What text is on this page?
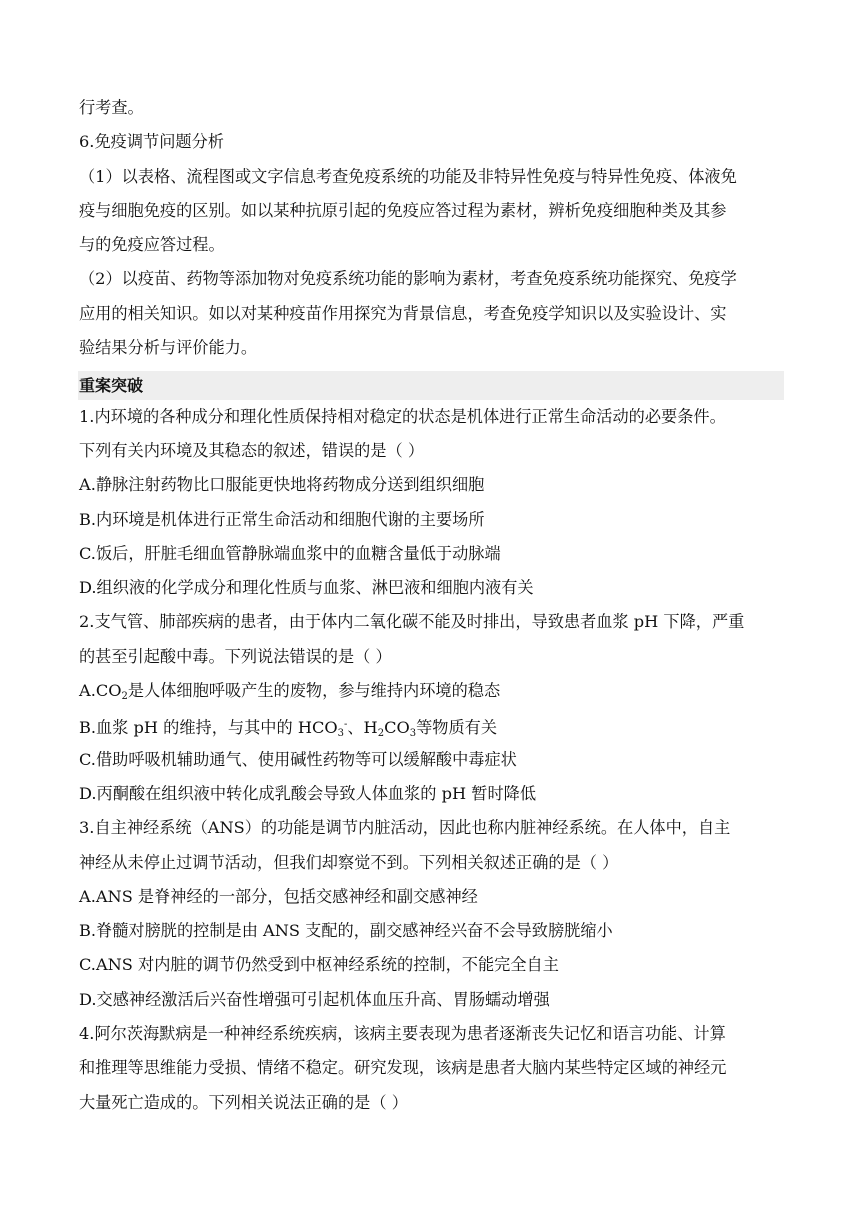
重案突破

行考查。

6.免疫调节问题分析

（1）以表格、流程图或文字信息考查免疫系统的功能及非特异性免疫与特异性免疫、体液免

疫与细胞免疫的区别。如以某种抗原引起的免疫应答过程为素材，辨析免疫细胞种类及其参

与的免疫应答过程。

（2）以疫苗、药物等添加物对免疫系统功能的影响为素材，考查免疫系统功能探究、免疫学

应用的相关知识。如以对某种疫苗作用探究为背景信息，考查免疫学知识以及实验设计、实

验结果分析与评价能力。

1.内环境的各种成分和理化性质保持相对稳定的状态是机体进行正常生命活动的必要条件。

下列有关内环境及其稳态的叙述，错误的是（ ）

A.静脉注射药物比口服能更快地将药物成分送到组织细胞

B.内环境是机体进行正常生命活动和细胞代谢的主要场所

C.饭后，肝脏毛细血管静脉端血浆中的血糖含量低于动脉端

D.组织液的化学成分和理化性质与血浆、淋巴液和细胞内液有关

2.支气管、肺部疾病的患者，由于体内二氧化碳不能及时排出，导致患者血浆 pH 下降，严重

的甚至引起酸中毒。下列说法错误的是（ ）

$A.CO_2$是人体细胞呼吸产生的废物，参与维持内环境的稳态

B.血浆 pH 的维持，与其中的 $HCO_3^-$、$H_2CO_3$等物质有关

C.借助呼吸机辅助通气、使用碱性药物等可以缓解酸中毒症状

D.丙酮酸在组织液中转化成乳酸会导致人体血浆的 pH 暂时降低

3.自主神经系统（ANS）的功能是调节内脏活动，因此也称内脏神经系统。在人体中，自主

神经从未停止过调节活动，但我们却察觉不到。下列相关叙述正确的是（ ）

A.ANS 是脊神经的一部分，包括交感神经和副交感神经

B.脊髓对膀胱的控制是由 ANS 支配的，副交感神经兴奋不会导致膀胱缩小

C.ANS 对内脏的调节仍然受到中枢神经系统的控制，不能完全自主

D.交感神经激活后兴奋性增强可引起机体血压升高、胃肠蠕动增强

4.阿尔茨海默病是一种神经系统疾病，该病主要表现为患者逐渐丧失记忆和语言功能、计算

和推理等思维能力受损、情绪不稳定。研究发现，该病是患者大脑内某些特定区域的神经元

大量死亡造成的。下列相关说法正确的是（ ）
